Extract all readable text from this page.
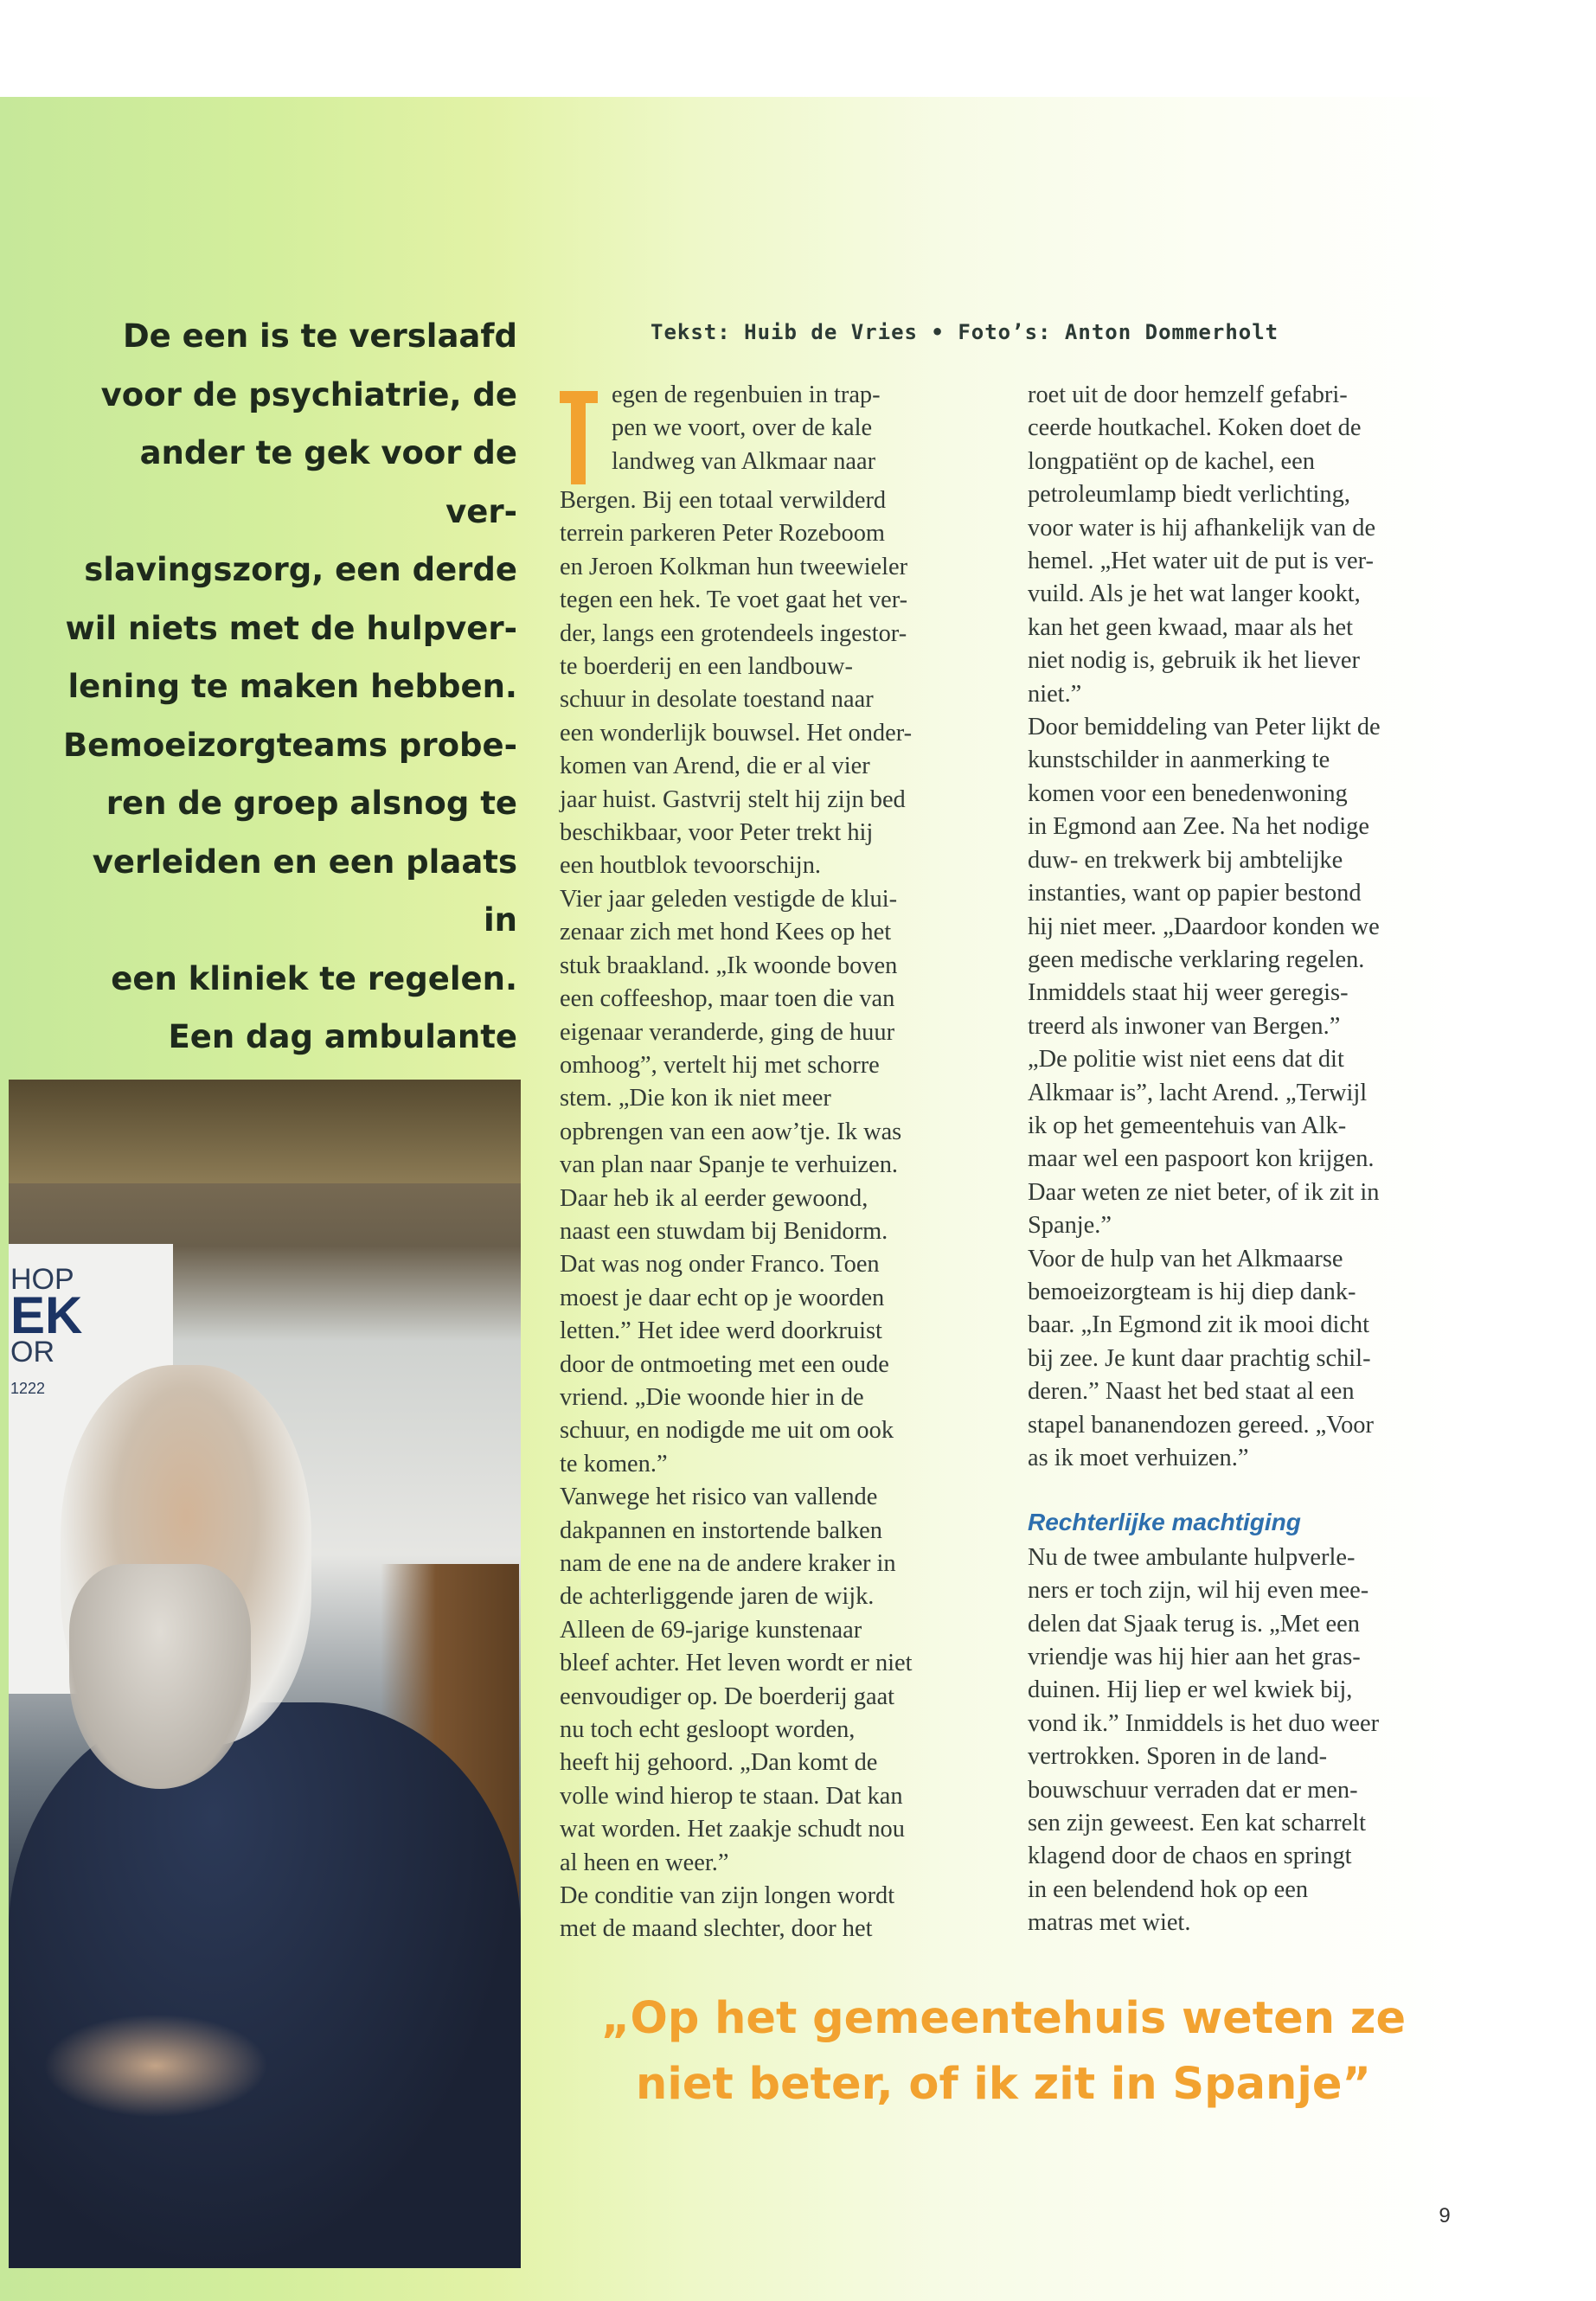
De een is te verslaafd
voor de psychiatrie, de
ander te gek voor de ver-
slavingszorg, een derde
wil niets met de hulpver-
lening te maken hebben.
Bemoeizorgteams probe-
ren de groep alsnog te
verleiden en een plaats in
een kliniek te regelen.
Een dag ambulante

Tekst: Huib de Vries • Foto’s: Anton Dommerholt

HOP
EK
OR
1222

egen de regenbuien in trap-

pen we voort, over de kale

landweg van Alkmaar naar

Bergen. Bij een totaal verwilderd

terrein parkeren Peter Rozeboom

en Jeroen Kolkman hun tweewieler

tegen een hek. Te voet gaat het ver-

der, langs een grotendeels ingestor-

te boerderij en een landbouw-

schuur in desolate toestand naar

een wonderlijk bouwsel. Het onder-

komen van Arend, die er al vier

jaar huist. Gastvrij stelt hij zijn bed

beschikbaar, voor Peter trekt hij

een houtblok tevoorschijn.

Vier jaar geleden vestigde de klui-

zenaar zich met hond Kees op het

stuk braakland. „Ik woonde boven

een coffeeshop, maar toen die van

eigenaar veranderde, ging de huur

omhoog”, vertelt hij met schorre

stem. „Die kon ik niet meer

opbrengen van een aow’tje. Ik was

van plan naar Spanje te verhuizen.

Daar heb ik al eerder gewoond,

naast een stuwdam bij Benidorm.

Dat was nog onder Franco. Toen

moest je daar echt op je woorden

letten.” Het idee werd doorkruist

door de ontmoeting met een oude

vriend. „Die woonde hier in de

schuur, en nodigde me uit om ook

te komen.”

Vanwege het risico van vallende

dakpannen en instortende balken

nam de ene na de andere kraker in

de achterliggende jaren de wijk.

Alleen de 69-jarige kunstenaar

bleef achter. Het leven wordt er niet

eenvoudiger op. De boerderij gaat

nu toch echt gesloopt worden,

heeft hij gehoord. „Dan komt de

volle wind hierop te staan. Dat kan

wat worden. Het zaakje schudt nou

al heen en weer.”

De conditie van zijn longen wordt

met de maand slechter, door het

roet uit de door hemzelf gefabri-

ceerde houtkachel. Koken doet de

longpatiënt op de kachel, een

petroleumlamp biedt verlichting,

voor water is hij afhankelijk van de

hemel. „Het water uit de put is ver-

vuild. Als je het wat langer kookt,

kan het geen kwaad, maar als het

niet nodig is, gebruik ik het liever

niet.”

Door bemiddeling van Peter lijkt de

kunstschilder in aanmerking te

komen voor een benedenwoning

in Egmond aan Zee. Na het nodige

duw- en trekwerk bij ambtelijke

instanties, want op papier bestond

hij niet meer. „Daardoor konden we

geen medische verklaring regelen.

Inmiddels staat hij weer geregis-

treerd als inwoner van Bergen.”

„De politie wist niet eens dat dit

Alkmaar is”, lacht Arend. „Terwijl

ik op het gemeentehuis van Alk-

maar wel een paspoort kon krijgen.

Daar weten ze niet beter, of ik zit in

Spanje.”

Voor de hulp van het Alkmaarse

bemoeizorgteam is hij diep dank-

baar. „In Egmond zit ik mooi dicht

bij zee. Je kunt daar prachtig schil-

deren.” Naast het bed staat al een

stapel bananendozen gereed. „Voor

as ik moet verhuizen.”

Rechterlijke machtiging

Nu de twee ambulante hulpverle-

ners er toch zijn, wil hij even mee-

delen dat Sjaak terug is. „Met een

vriendje was hij hier aan het gras-

duinen. Hij liep er wel kwiek bij,

vond ik.” Inmiddels is het duo weer

vertrokken. Sporen in de land-

bouwschuur verraden dat er men-

sen zijn geweest. Een kat scharrelt

klagend door de chaos en springt

in een belendend hok op een

matras met wiet.

„Op het gemeentehuis weten ze
niet beter, of ik zit in Spanje”

9
